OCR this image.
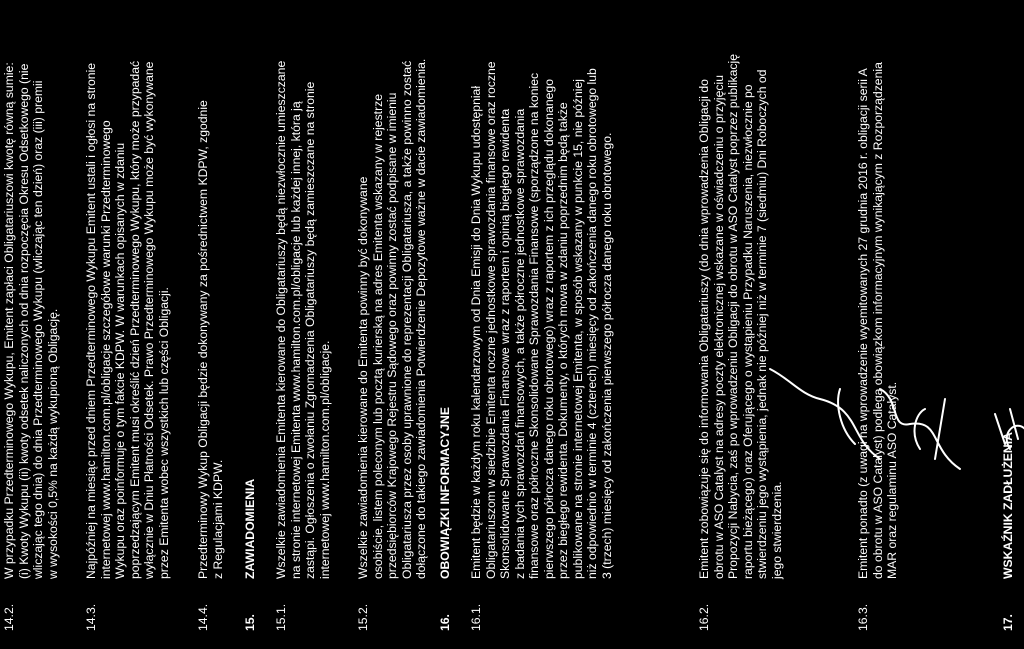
14.2.
W przypadku Przedterminowego Wykupu, Emitent zapłaci Obligatariuszowi kwotę równą sumie: (i) Kwoty Wykupu (ii) kwoty odsetek naliczonych od dnia rozpoczęcia Okresu Odsetkowego (nie wliczając tego dnia) do dnia Przedterminowego Wykupu (wliczając ten dzień) oraz (iii) premii w wysokości 0,5% na każdą wykupioną Obligację.
14.3.
Najpóźniej na miesiąc przed dniem Przedterminowego Wykupu Emitent ustali i ogłosi na stronie internetowej www.hamilton.com.pl/obligacje szczegółowe warunki Przedterminowego Wykupu oraz poinformuje o tym fakcie KDPW. W warunkach opisanych w zdaniu poprzedzającym Emitent musi określić dzień Przedterminowego Wykupu, który może przypadać wyłącznie w Dniu Płatności Odsetek. Prawo Przedterminowego Wykupu może być wykonywane przez Emitenta wobec wszystkich lub części Obligacji.
14.4.
Przedterminowy Wykup Obligacji będzie dokonywany za pośrednictwem KDPW, zgodnie z Regulacjami KDPW.
15.
ZAWIADOMIENIA
15.1.
Wszelkie zawiadomienia Emitenta kierowane do Obligatariuszy będą niezwłocznie umieszczane na stronie internetowej Emitenta www.hamilton.com.pl/obligacje lub każdej innej, która ją zastąpi. Ogłoszenia o zwołaniu Zgromadzenia Obligatariuszy będą zamieszczane na stronie internetowej www.hamilton.com.pl/obligacje.
15.2.
Wszelkie zawiadomienia kierowane do Emitenta powinny być dokonywane osobiście, listem poleconym lub pocztą kurierską na adres Emitenta wskazany w rejestrze przedsiębiorców Krajowego Rejestru Sądowego oraz powinny zostać podpisane w imieniu Obligatariusza przez osoby uprawnione do reprezentacji Obligatariusza, a także powinno zostać dołączone do takiego zawiadomienia Potwierdzenie Depozytowe ważne w dacie zawiadomienia.
16.
OBOWIĄZKI INFORMACYJNE
16.1.
Emitent będzie w każdym roku kalendarzowym od Dnia Emisji do Dnia Wykupu udostępniał Obligatariuszom w siedzibie Emitenta roczne jednostkowe sprawozdania finansowe oraz roczne Skonsolidowane Sprawozdania Finansowe wraz z raportem i opinią biegłego rewidenta z badania tych sprawozdań finansowych, a także półroczne jednostkowe sprawozdania finansowe oraz półroczne Skonsolidowane Sprawozdania Finansowe (sporządzone na koniec pierwszego półrocza danego roku obrotowego) wraz z raportem z ich przeglądu dokonanego przez biegłego rewidenta. Dokumenty, o których mowa w zdaniu poprzednim będą także publikowane na stronie internetowej Emitenta, w sposób wskazany w punkcie 15, nie później niż odpowiednio w terminie 4 (czterech) miesięcy od zakończenia danego roku obrotowego lub 3 (trzech) miesięcy od zakończenia pierwszego półrocza danego roku obrotowego.
16.2.
Emitent zobowiązuje się do informowania Obligatariuszy (do dnia wprowadzenia Obligacji do obrotu w ASO Catalyst na adresy poczty elektronicznej wskazane w oświadczeniu o przyjęciu Propozycji Nabycia, zaś po wprowadzeniu Obligacji do obrotu w ASO Catalyst poprzez publikację raportu bieżącego) oraz Oferującego o wystąpieniu Przypadku Naruszenia, niezwłocznie po stwierdzeniu jego wystąpienia, jednak nie później niż w terminie 7 (siedmiu) Dni Roboczych od jego stwierdzenia.
16.3.
Emitent ponadto (z uwagi na wprowadzenie wyemitowanych 27 grudnia 2016 r. obligacji serii A do obrotu w ASO Catalyst) podlega obowiązkom informacyjnym wynikającym z Rozporządzenia MAR oraz regulaminu ASO Catalyst.
17.
WSKAŹNIK ZADŁUŻENIA
